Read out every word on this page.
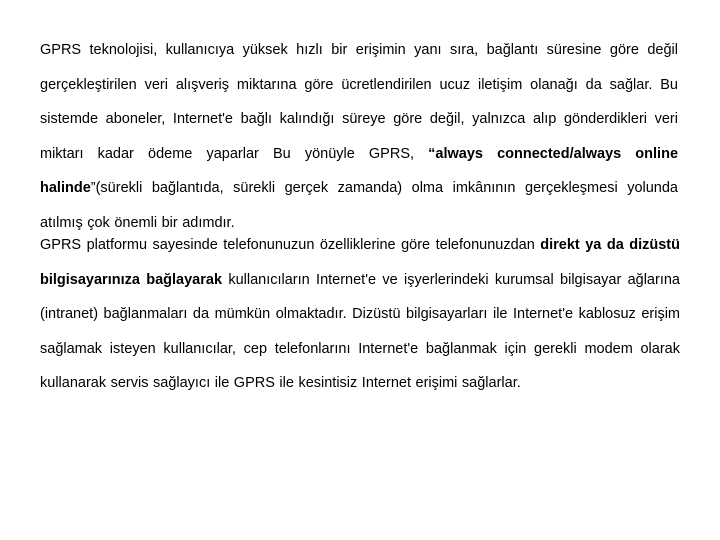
GPRS teknolojisi, kullanıcıya yüksek hızlı bir erişimin yanı sıra, bağlantı süresine göre değil gerçekleştirilen veri alışveriş miktarına göre ücretlendirilen ucuz iletişim olanağı da sağlar. Bu sistemde aboneler, Internet'e bağlı kalındığı süreye göre değil, yalnızca alıp gönderdikleri veri miktarı kadar ödeme yaparlar Bu yönüyle GPRS, “always connected/always online halinde”(sürekli bağlantıda, sürekli gerçek zamanda) olma imkânının gerçekleşmesi yolunda atılmış çok önemli bir adımdır.

GPRS platformu sayesinde telefonunuzun özelliklerine göre telefonunuzdan direkt ya da dizüstü bilgisayarınıza bağlayarak kullanıcıların Internet'e ve işyerlerindeki kurumsal bilgisayar ağlarına (intranet) bağlanmaları da mümkün olmaktadır. Dizüstü bilgisayarları ile Internet'e kablosuz erişim sağlamak isteyen kullanıcılar, cep telefonlarını Internet'e bağlanmak için gerekli modem olarak kullanarak servis sağlayıcı ile GPRS ile kesintisiz Internet erişimi sağlarlar.
